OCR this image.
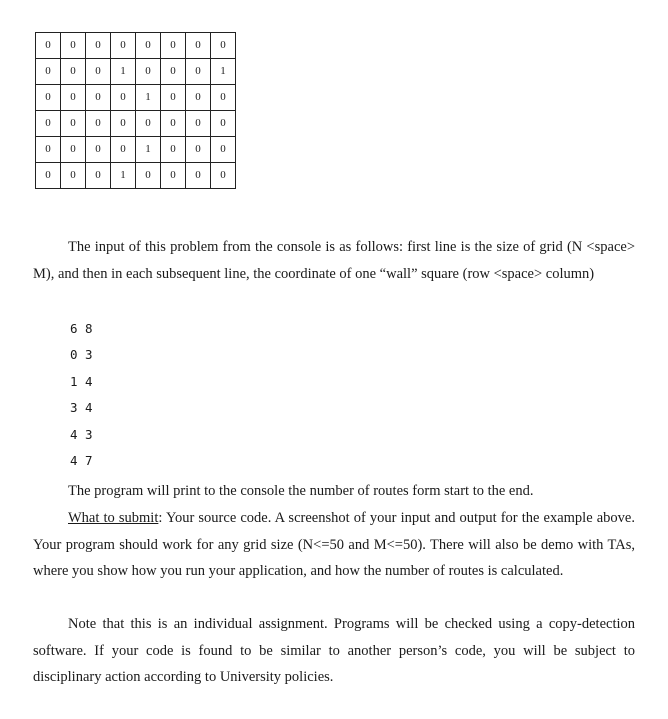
0	0	0	0	0	0	0	0
0	0	0	1	0	0	0	1
0	0	0	0	1	0	0	0
0	0	0	0	0	0	0	0
0	0	0	0	1	0	0	0
0	0	0	1	0	0	0	0

The input of this problem from the console is as follows: first line is the size of grid (N <space> M), and then in each subsequent line, the coordinate of one “wall” square (row <space> column)

6 8
0 3
1 4
3 4
4 3
4 7

The program will print to the console the number of routes form start to the end.

What to submit: Your source code. A screenshot of your input and output for the example above. Your program should work for any grid size (N<=50 and M<=50). There will also be demo with TAs, where you show how you run your application, and how the number of routes is calculated.

Note that this is an individual assignment. Programs will be checked using a copy-detection software. If your code is found to be similar to another person’s code, you will be subject to disciplinary action according to University policies.
